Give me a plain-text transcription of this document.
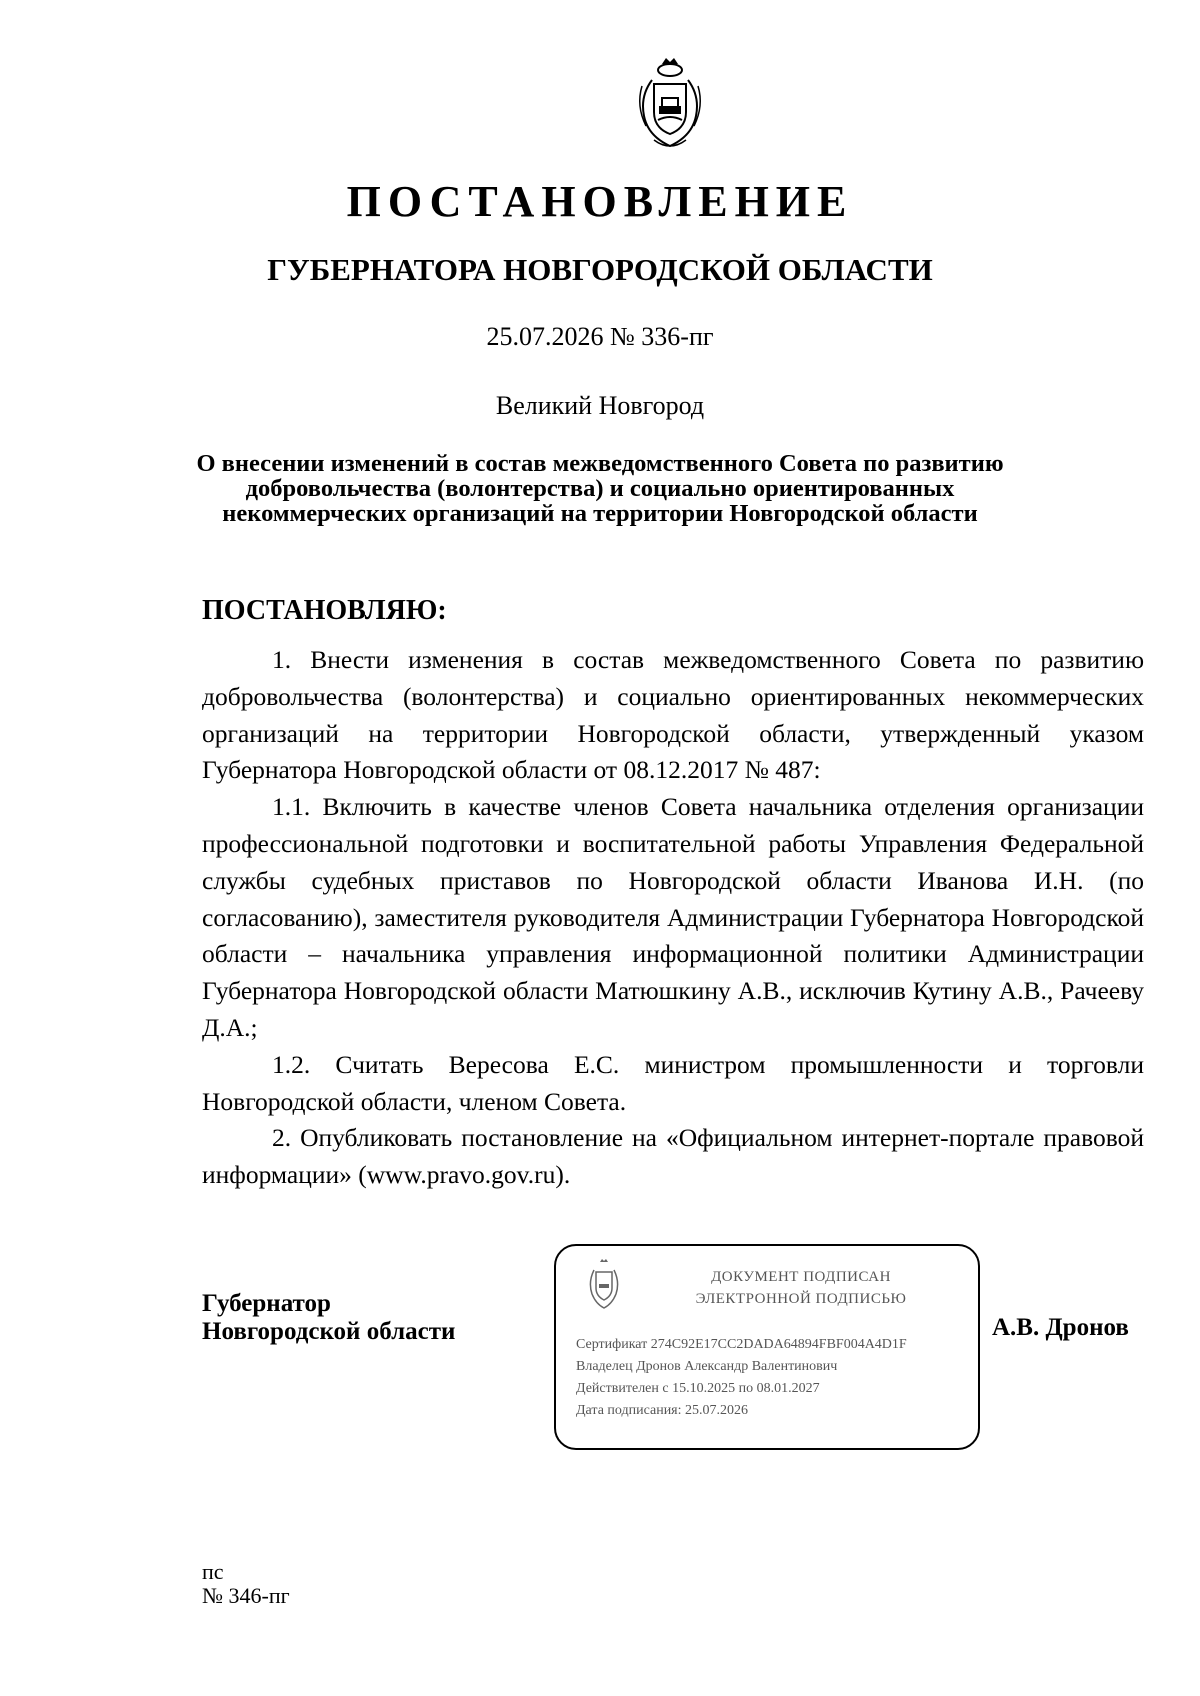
ПОСТАНОВЛЕНИЕ
ГУБЕРНАТОРА НОВГОРОДСКОЙ ОБЛАСТИ
25.07.2026 № 336-пг
Великий Новгород
О внесении изменений в состав межведомственного Совета по развитию
добровольчества (волонтерства) и социально ориентированных
некоммерческих организаций на территории Новгородской области
ПОСТАНОВЛЯЮ:

1. Внести изменения в состав межведомственного Совета по развитию добровольчества (волонтерства) и социально ориентированных некоммерческих организаций на территории Новгородской области, утвержденный указом Губернатора Новгородской области от 08.12.2017 № 487:

1.1. Включить в качестве членов Совета начальника отделения организации профессиональной подготовки и воспитательной работы Управления Федеральной службы судебных приставов по Новгородской области Иванова И.Н. (по согласованию), заместителя руководителя Администрации Губернатора Новгородской области – начальника управления информационной политики Администрации Губернатора Новгородской области Матюшкину А.В., исключив Кутину А.В., Рачееву Д.А.;

1.2. Считать Вересова Е.С. министром промышленности и торговли Новгородской области, членом Совета.

2. Опубликовать постановление на «Официальном интернет-портале правовой информации» (www.pravo.gov.ru).

Губернатор
Новгородской области
ДОКУМЕНТ ПОДПИСАН
ЭЛЕКТРОННОЙ ПОДПИСЬЮ
Сертификат 274C92E17CC2DADA64894FBF004A4D1F
Владелец Дронов Александр Валентинович
Действителен с 15.10.2025 по 08.01.2027
Дата подписания: 25.07.2026
А.В. Дронов
пс
№ 346-пг
